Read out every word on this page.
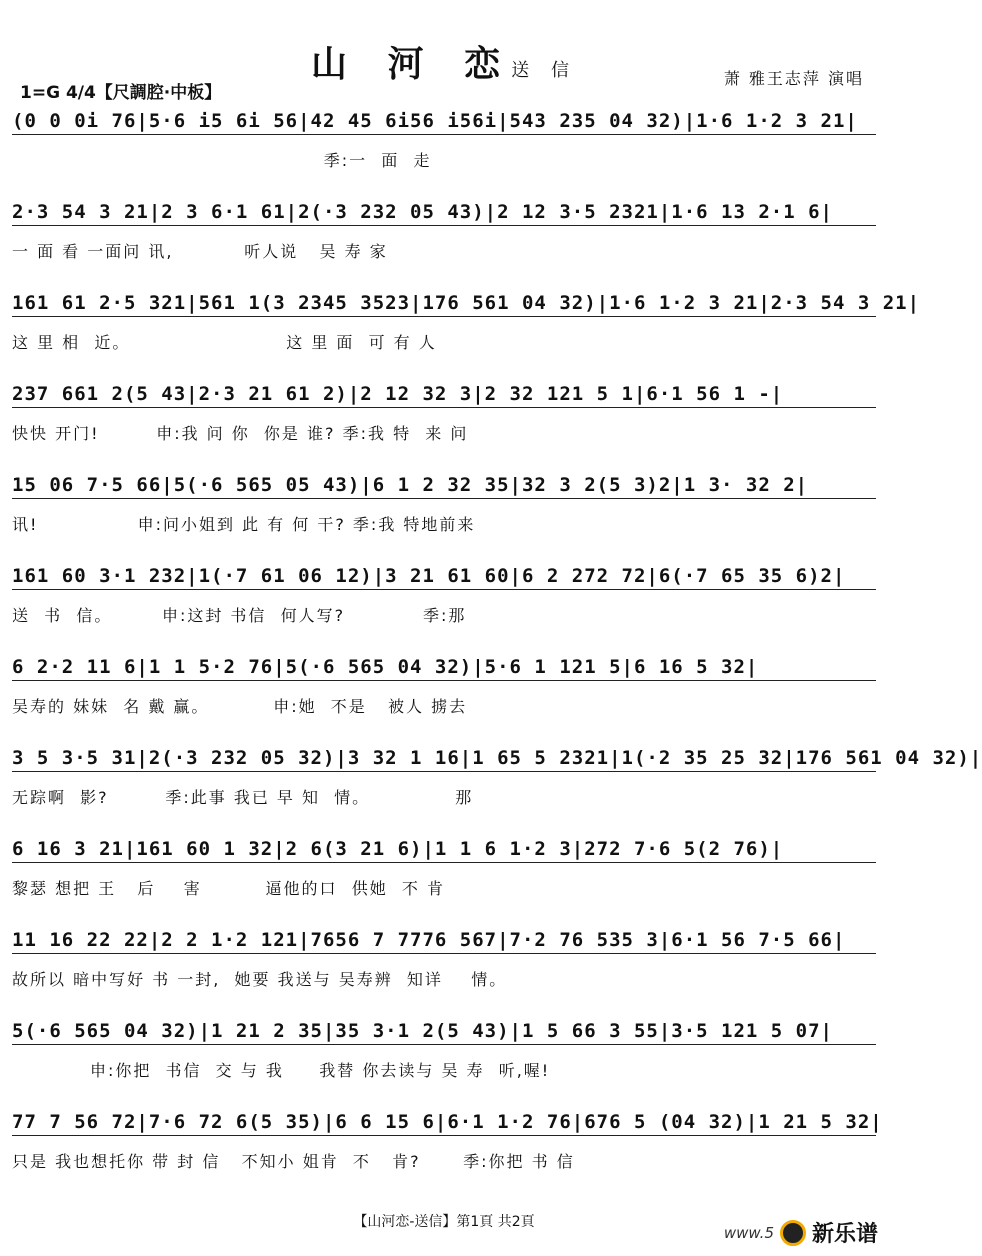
山 河 恋 送 信
1=G 4/4【尺調腔·中板】
萧 雅王志萍 演唱
(0 0 0i 76|5·6 i5 6i 56|42 45 6i56 i56i|543 235 04 32)|1·6 1·2 3 21|
季:一  面  走
2·3 54 3 21|2 3 6·1 61|2(·3 232 05 43)|2 12 3·5 2321|1·6 13 2·1 6|
一 面 看 一面问 讯,          听人说   吴 寿 家
161 61 2·5 321|561 1(3 2345 3523|176 561 04 32)|1·6 1·2 3 21|2·3 54 3 21|
这 里 相  近。                      这 里 面  可 有 人
237 661 2(5 43|2·3 21 61 2)|2 12 32 3|2 32 121 5 1|6·1 56 1 -|
快快 开门!        申:我 问 你  你是 谁? 季:我 特  来 问
15 06 7·5 66|5(·6 565 05 43)|6 1 2 32 35|32 3 2(5 3)2|1 3· 32 2|
讯!              申:问小姐到 此 有 何 干? 季:我 特地前来
161 60 3·1 232|1(·7 61 06 12)|3 21 61 60|6 2 272 72|6(·7 65 35 6)2|
送  书  信。       申:这封 书信  何人写?           季:那
6 2·2 11 6|1 1 5·2 76|5(·6 565 04 32)|5·6 1 121 5|6 16 5 32|
吴寿的 妹妹  名 戴 赢。         申:她  不是   被人 掳去
3 5 3·5 31|2(·3 232 05 32)|3 32 1 16|1 65 5 2321|1(·2 35 25 32|176 561 04 32)|
无踪啊  影?        季:此事 我已 早 知  情。            那
6 16 3 21|161 60 1 32|2 6(3 21 6)|1 1 6 1·2 3|272 7·6 5(2 76)|
黎瑟 想把 王   后    害         逼他的口  供她  不 肯
11 16 22 22|2 2 1·2 121|7656 7 7776 567|7·2 76 535 3|6·1 56 7·5 66|
故所以 暗中写好 书 一封,  她要 我送与 吴寿辨  知详    情。
5(·6 565 04 32)|1 21 2 35|35 3·1 2(5 43)|1 5 66 3 55|3·5 121 5 07|
申:你把  书信  交 与 我     我替 你去读与 吴 寿  听,喔!
77 7 56 72|7·6 72 6(5 35)|6 6 15 6|6·1 1·2 76|676 5 (04 32)|1 21 5 32|
只是 我也想托你 带 封 信   不知小 姐肯  不   肯?      季:你把 书 信
【山河恋-送信】第1頁 共2頁
www.5 新乐谱
